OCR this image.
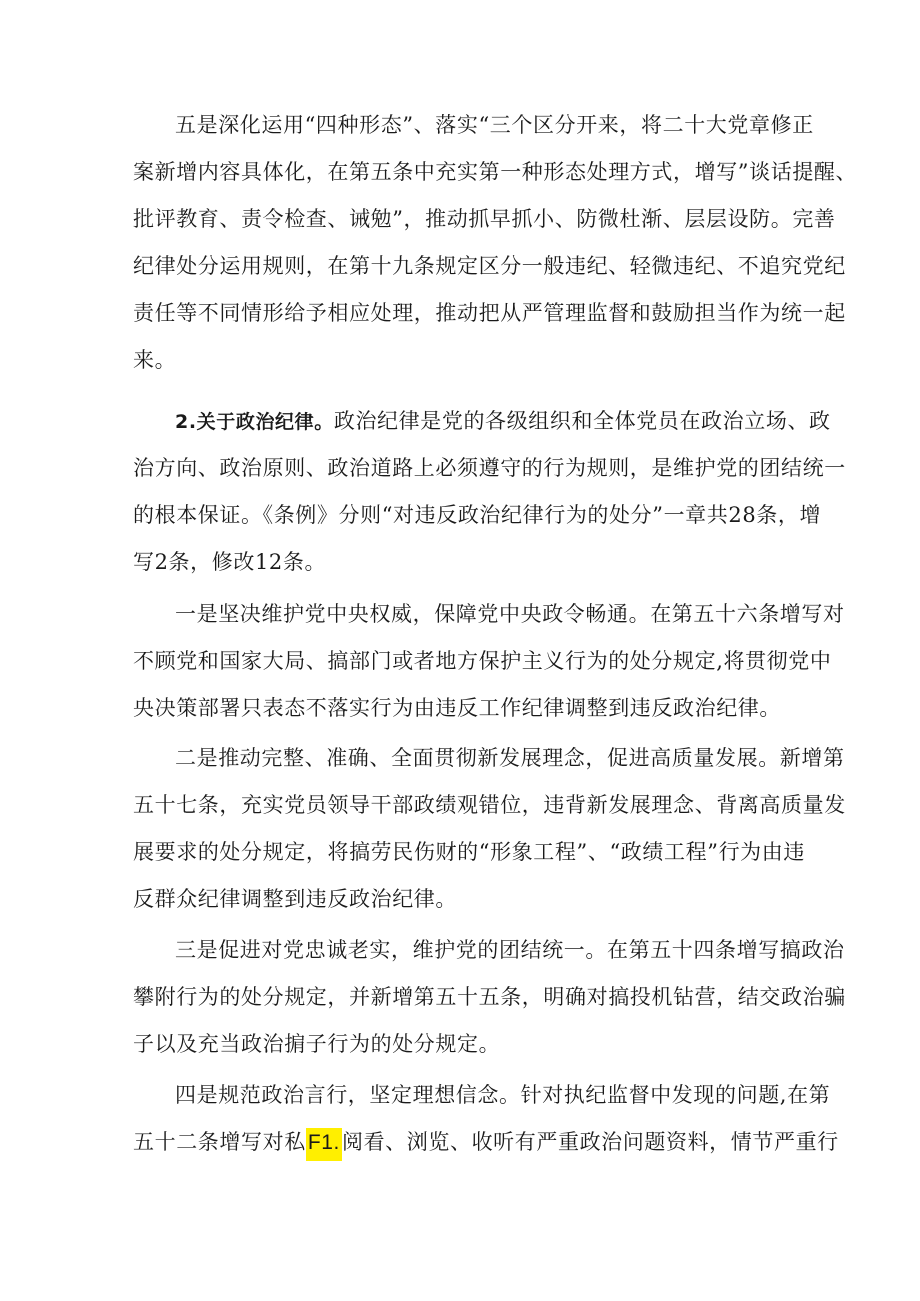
五是深化运用“四种形态”、落实“三个区分开来，将二十大党章修正
案新增内容具体化，在第五条中充实第一种形态处理方式，增写”谈话提醒、
批评教育、责令检查、诫勉”，推动抓早抓小、防微杜渐、层层设防。完善
纪律处分运用规则，在第十九条规定区分一般违纪、轻微违纪、不追究党纪
责任等不同情形给予相应处理，推动把从严管理监督和鼓励担当作为统一起
来。
2.关于政治纪律。政治纪律是党的各级组织和全体党员在政治立场、政
治方向、政治原则、政治道路上必须遵守的行为规则，是维护党的团结统一
的根本保证。《条例》分则“对违反政治纪律行为的处分”一章共28条，增
写2条，修改12条。
一是坚决维护党中央权威，保障党中央政令畅通。在第五十六条增写对
不顾党和国家大局、搞部门或者地方保护主义行为的处分规定,将贯彻党中
央决策部署只表态不落实行为由违反工作纪律调整到违反政治纪律。
二是推动完整、准确、全面贯彻新发展理念，促进高质量发展。新增第
五十七条，充实党员领导干部政绩观错位，违背新发展理念、背离高质量发
展要求的处分规定，将搞劳民伤财的“形象工程”、“政绩工程”行为由违
反群众纪律调整到违反政治纪律。
三是促进对党忠诚老实，维护党的团结统一。在第五十四条增写搞政治
攀附行为的处分规定，并新增第五十五条，明确对搞投机钻营，结交政治骗
子以及充当政治掮子行为的处分规定。
四是规范政治言行，坚定理想信念。针对执纪监督中发现的问题,在第
五十二条增写对私F1.阅看、浏览、收听有严重政治问题资料，情节严重行
